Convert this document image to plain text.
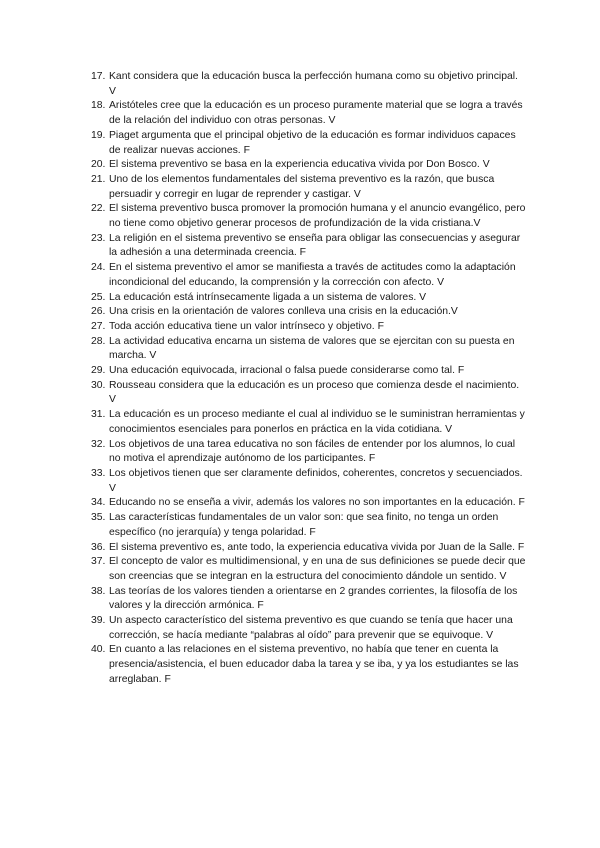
17. Kant considera que la educación busca la perfección humana como su objetivo principal. V
18. Aristóteles cree que la educación es un proceso puramente material que se logra a través de la relación del individuo con otras personas. V
19. Piaget argumenta que el principal objetivo de la educación es formar individuos capaces de realizar nuevas acciones. F
20. El sistema preventivo se basa en la experiencia educativa vivida por Don Bosco. V
21. Uno de los elementos fundamentales del sistema preventivo es la razón, que busca persuadir y corregir en lugar de reprender y castigar. V
22. El sistema preventivo busca promover la promoción humana y el anuncio evangélico, pero no tiene como objetivo generar procesos de profundización de la vida cristiana.V
23. La religión en el sistema preventivo se enseña para obligar las consecuencias y asegurar la adhesión a una determinada creencia. F
24. En el sistema preventivo el amor se manifiesta a través de actitudes como la adaptación incondicional del educando, la comprensión y la corrección con afecto. V
25. La educación está intrínsecamente ligada a un sistema de valores. V
26. Una crisis en la orientación de valores conlleva una crisis en la educación.V
27. Toda acción educativa tiene un valor intrínseco y objetivo. F
28. La actividad educativa encarna un sistema de valores que se ejercitan con su puesta en marcha. V
29. Una educación equivocada, irracional o falsa puede considerarse como tal. F
30. Rousseau considera que la educación es un proceso que comienza desde el nacimiento. V
31. La educación es un proceso mediante el cual al individuo se le suministran herramientas y conocimientos esenciales para ponerlos en práctica en la vida cotidiana. V
32. Los objetivos de una tarea educativa no son fáciles de entender por los alumnos, lo cual no motiva el aprendizaje autónomo de los participantes. F
33. Los objetivos tienen que ser claramente definidos, coherentes, concretos y secuenciados. V
34. Educando no se enseña a vivir, además los valores no son importantes en la educación. F
35. Las características fundamentales de un valor son: que sea finito, no tenga un orden específico (no jerarquía) y tenga polaridad. F
36. El sistema preventivo es, ante todo, la experiencia educativa vivida por Juan de la Salle. F
37. El concepto de valor es multidimensional, y en una de sus definiciones se puede decir que son creencias que se integran en la estructura del conocimiento dándole un sentido. V
38. Las teorías de los valores tienden a orientarse en 2 grandes corrientes, la filosofía de los valores y la dirección armónica. F
39. Un aspecto característico del sistema preventivo es que cuando se tenía que hacer una corrección, se hacía mediante “palabras al oído” para prevenir que se equivoque. V
40. En cuanto a las relaciones en el sistema preventivo, no había que tener en cuenta la presencia/asistencia, el buen educador daba la tarea y se iba, y ya los estudiantes se las arreglaban. F
